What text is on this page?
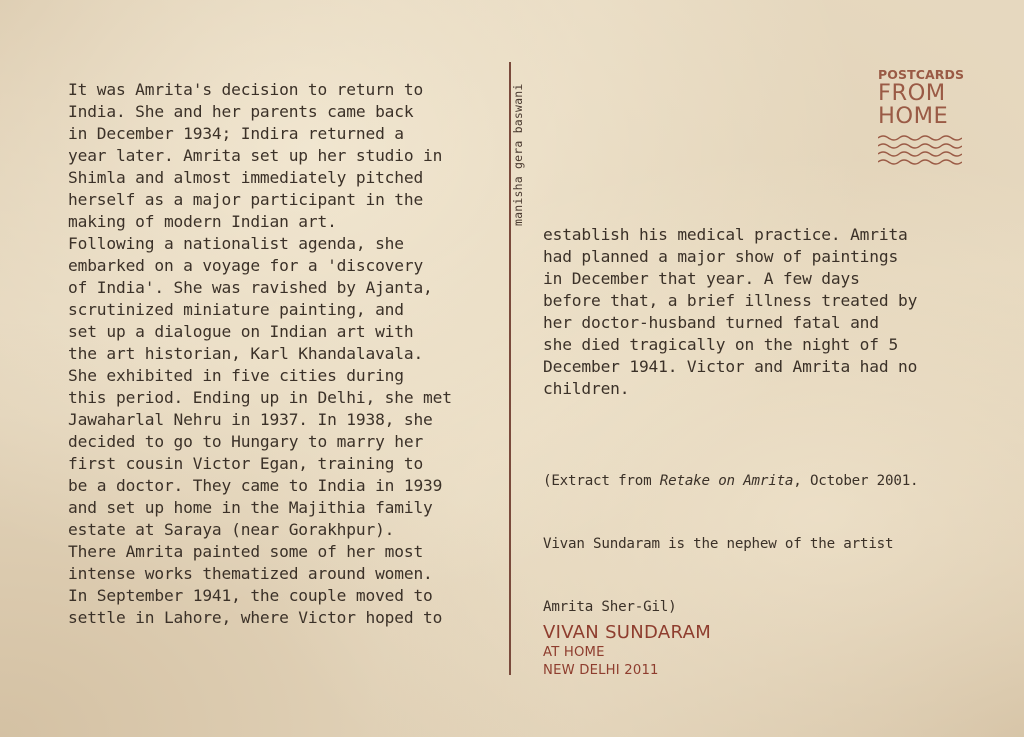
It was Amrita's decision to return to
India. She and her parents came back
in December 1934; Indira returned a
year later. Amrita set up her studio in
Shimla and almost immediately pitched
herself as a major participant in the
making of modern Indian art.
Following a nationalist agenda, she
embarked on a voyage for a 'discovery
of India'. She was ravished by Ajanta,
scrutinized miniature painting, and
set up a dialogue on Indian art with
the art historian, Karl Khandalavala.
She exhibited in five cities during
this period. Ending up in Delhi, she met
Jawaharlal Nehru in 1937. In 1938, she
decided to go to Hungary to marry her
first cousin Victor Egan, training to
be a doctor. They came to India in 1939
and set up home in the Majithia family
estate at Saraya (near Gorakhpur).
There Amrita painted some of her most
intense works thematized around women.
In September 1941, the couple moved to
settle in Lahore, where Victor hoped to
manisha gera baswani
POSTCARDS
FROM
HOME
establish his medical practice. Amrita
had planned a major show of paintings
in December that year. A few days
before that, a brief illness treated by
her doctor-husband turned fatal and
she died tragically on the night of 5
December 1941. Victor and Amrita had no
children.

(Extract from Retake on Amrita, October 2001.

Vivan Sundaram is the nephew of the artist

Amrita Sher-Gil)

VIVAN SUNDARAM
AT HOME
NEW DELHI 2011
